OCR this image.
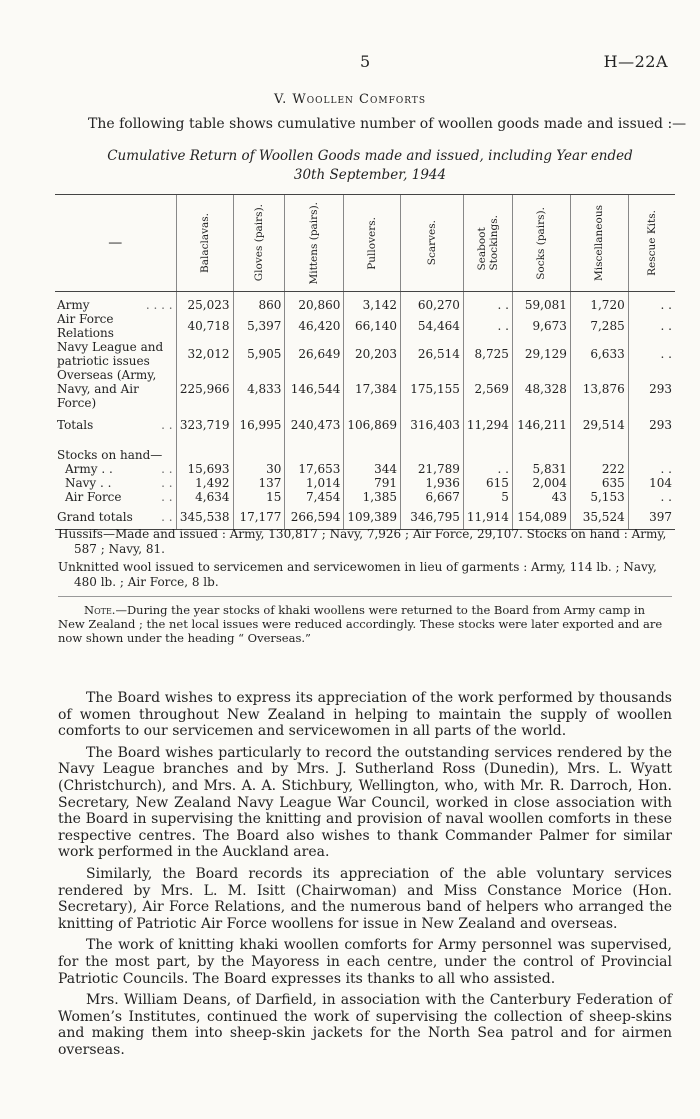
5	H—22A
V. Woollen Comforts
The following table shows cumulative number of woollen goods made and issued :—
Cumulative Return of Woollen Goods made and issued, including Year ended
30th September, 1944
—	Balaclavas.	Gloves (pairs).	Mittens (pairs).	Pullovers.	Scarves.	Seaboot
Stockings.	Socks (pairs).	Miscellaneous	Rescue Kits.

Army . . . .	25,023	860	20,860	3,142	60,270	. .	59,081	1,720	. .
Air Force Relations	40,718	5,397	46,420	66,140	54,464	. .	9,673	7,285	. .
Navy League and patriotic issues	32,012	5,905	26,649	20,203	26,514	8,725	29,129	6,633	. .
Overseas (Army, Navy, and Air Force)	225,966	4,833	146,544	17,384	175,155	2,569	48,328	13,876	293
Totals . .	323,719	16,995	240,473	106,869	316,403	11,294	146,211	29,514	293
Stocks on hand—									
Army . . . .	15,693	30	17,653	344	21,789	. .	5,831	222	. .
Navy . . . .	1,492	137	1,014	791	1,936	615	2,004	635	104
Air Force . .	4,634	15	7,454	1,385	6,667	5	43	5,153	. .
Grand totals . .	345,538	17,177	266,594	109,389	346,795	11,914	154,089	35,524	397

Hussifs—Made and issued : Army, 130,817 ; Navy, 7,926 ; Air Force, 29,107. Stocks on hand : Army, 587 ; Navy, 81.

Unknitted wool issued to servicemen and servicewomen in lieu of garments : Army, 114 lb. ; Navy, 480 lb. ; Air Force, 8 lb.

Note.—During the year stocks of khaki woollens were returned to the Board from Army camp in New Zealand ; the net local issues were reduced accordingly. These stocks were later exported and are now shown under the heading “ Overseas.”

The Board wishes to express its appreciation of the work performed by thousands of women throughout New Zealand in helping to maintain the supply of woollen comforts to our servicemen and servicewomen in all parts of the world.

The Board wishes particularly to record the outstanding services rendered by the Navy League branches and by Mrs. J. Sutherland Ross (Dunedin), Mrs. L. Wyatt (Christchurch), and Mrs. A. A. Stichbury, Wellington, who, with Mr. R. Darroch, Hon. Secretary, New Zealand Navy League War Council, worked in close association with the Board in supervising the knitting and provision of naval woollen comforts in these respective centres. The Board also wishes to thank Commander Palmer for similar work performed in the Auckland area.

Similarly, the Board records its appreciation of the able voluntary services rendered by Mrs. L. M. Isitt (Chairwoman) and Miss Constance Morice (Hon. Secretary), Air Force Relations, and the numerous band of helpers who arranged the knitting of Patriotic Air Force woollens for issue in New Zealand and overseas.

The work of knitting khaki woollen comforts for Army personnel was supervised, for the most part, by the Mayoress in each centre, under the control of Provincial Patriotic Councils. The Board expresses its thanks to all who assisted.

Mrs. William Deans, of Darfield, in association with the Canterbury Federation of Women’s Institutes, continued the work of supervising the collection of sheep-skins and making them into sheep-skin jackets for the North Sea patrol and for airmen overseas.
